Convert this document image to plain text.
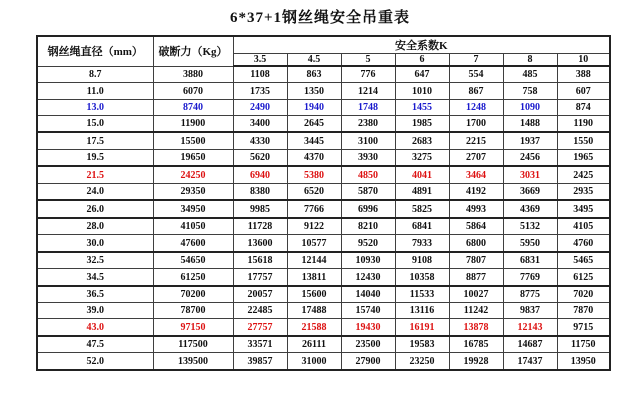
6*37+1钢丝绳安全吊重表
钢丝绳直径（mm）	破断力（Kg）	安全系数K						
		3.5	4.5	5	6	7	8	10
8.7	3880	1108	863	776	647	554	485	388
11.0	6070	1735	1350	1214	1010	867	758	607
13.0	8740	2490	1940	1748	1455	1248	1090	874
15.0	11900	3400	2645	2380	1985	1700	1488	1190
17.5	15500	4330	3445	3100	2683	2215	1937	1550
19.5	19650	5620	4370	3930	3275	2707	2456	1965
21.5	24250	6940	5380	4850	4041	3464	3031	2425
24.0	29350	8380	6520	5870	4891	4192	3669	2935
26.0	34950	9985	7766	6996	5825	4993	4369	3495
28.0	41050	11728	9122	8210	6841	5864	5132	4105
30.0	47600	13600	10577	9520	7933	6800	5950	4760
32.5	54650	15618	12144	10930	9108	7807	6831	5465
34.5	61250	17757	13811	12430	10358	8877	7769	6125
36.5	70200	20057	15600	14040	11533	10027	8775	7020
39.0	78700	22485	17488	15740	13116	11242	9837	7870
43.0	97150	27757	21588	19430	16191	13878	12143	9715
47.5	117500	33571	26111	23500	19583	16785	14687	11750
52.0	139500	39857	31000	27900	23250	19928	17437	13950
